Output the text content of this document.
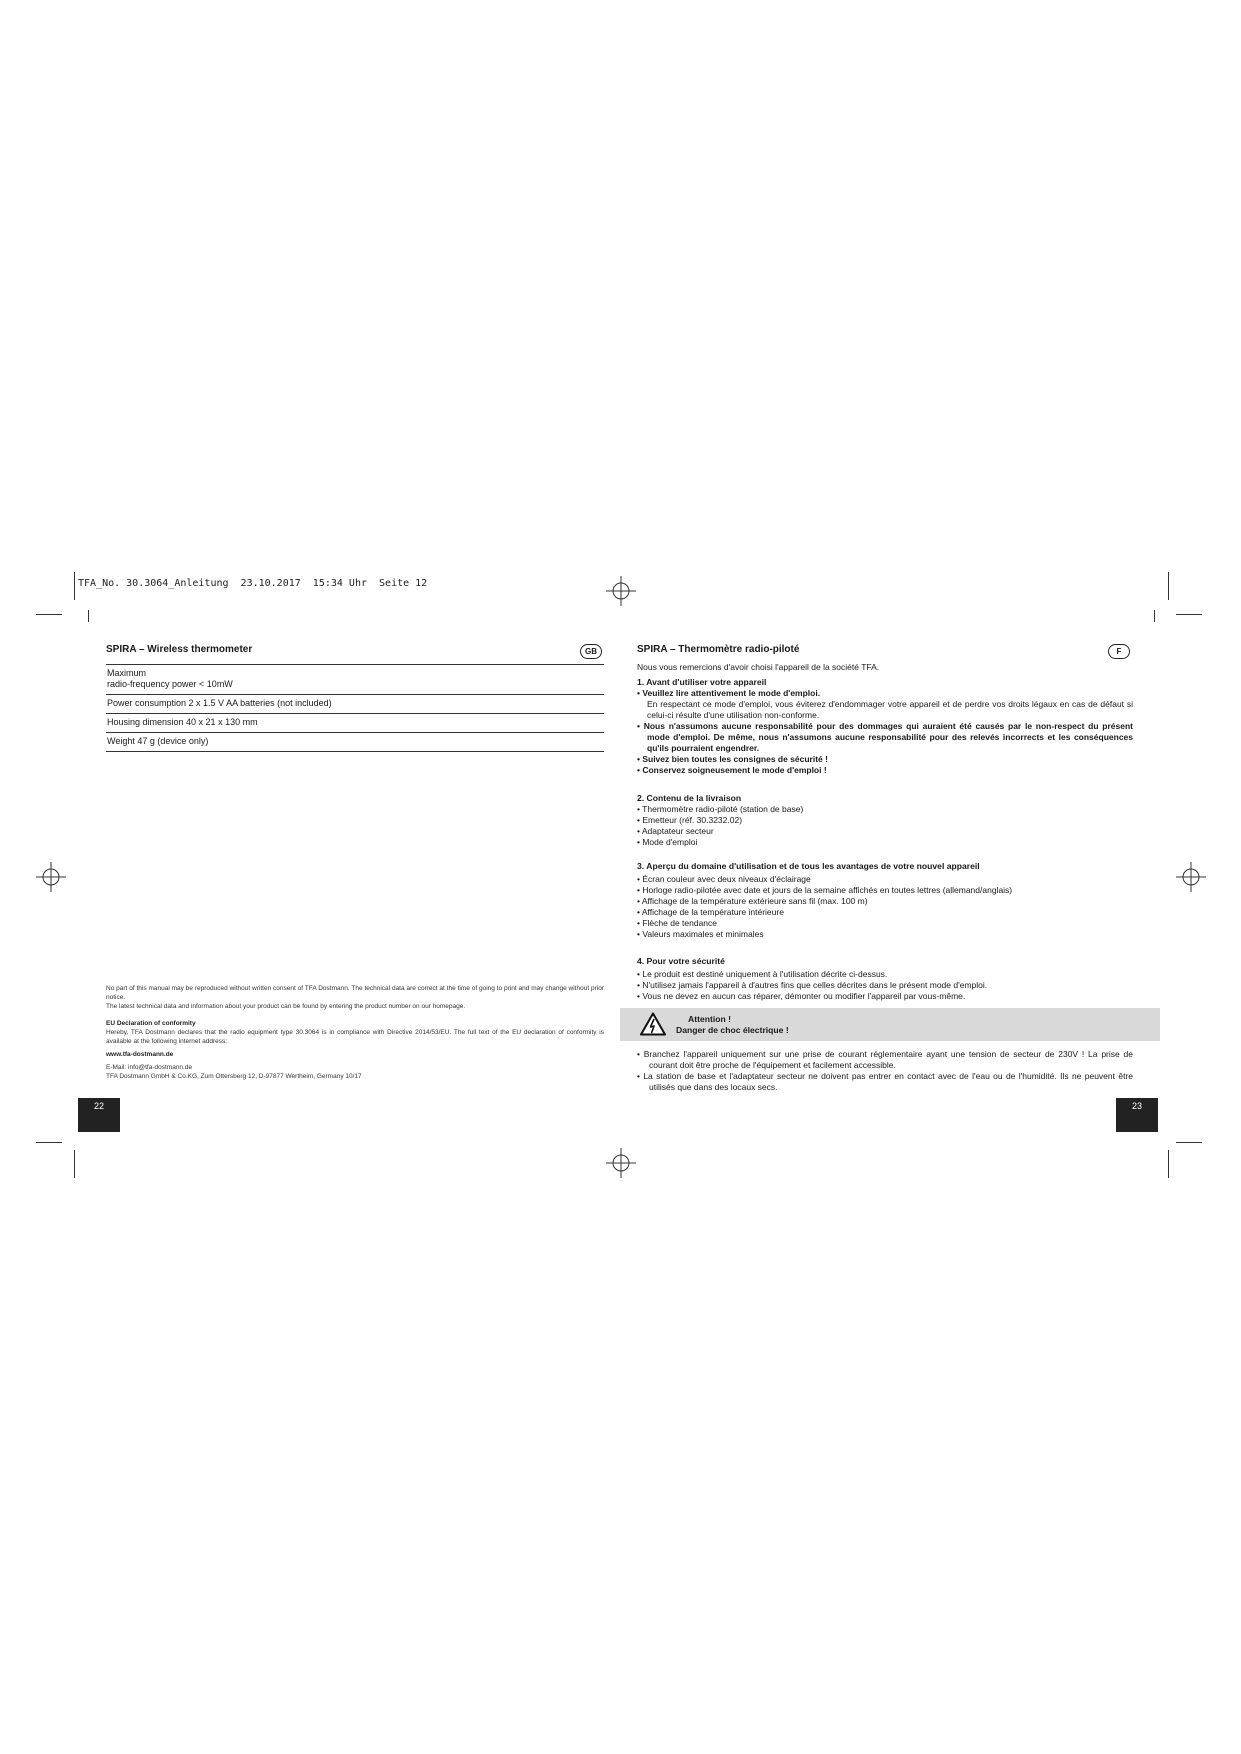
TFA_No. 30.3064_Anleitung  23.10.2017  15:34 Uhr  Seite 12
SPIRA – Wireless thermometer	GB
Maximum
radio-frequency power < 10mW
Power consumption 2 x 1.5 V AA batteries (not included)
Housing dimension 40 x 21 x 130 mm
Weight 47 g (device only)
No part of this manual may be reproduced without written consent of TFA Dostmann. The technical data are correct at the time of going to print and may change without prior notice.
The latest technical data and information about your product can be found by entering the product number on our homepage.
EU Declaration of conformity
Hereby, TFA Dostmann declares that the radio equipment type 30.3064 is in compliance with Directive 2014/53/EU. The full text of the EU declaration of conformity is available at the following internet address:
www.tfa-dostmann.de
E-Mail: info@tfa-dostmann.de
TFA Dostmann GmbH & Co.KG, Zum Ottersberg 12, D-97877 Wertheim, Germany 10/17
22
SPIRA – Thermomètre radio-piloté	F
Nous vous remercions d'avoir choisi l'appareil de la société TFA.
1. Avant d'utiliser votre appareil
• Veuillez lire attentivement le mode d'emploi.
En respectant ce mode d'emploi, vous éviterez d'endommager votre appareil et de perdre vos droits légaux en cas de défaut si celui-ci résulte d'une utilisation non-conforme.
• Nous n'assumons aucune responsabilité pour des dommages qui auraient été causés par le non-respect du présent mode d'emploi. De même, nous n'assumons aucune responsabilité pour des relevés incorrects et les conséquences qu'ils pourraient engendrer.
• Suivez bien toutes les consignes de sécurité !
• Conservez soigneusement le mode d'emploi !
2. Contenu de la livraison
• Thermomètre radio-piloté (station de base)
• Emetteur (réf. 30.3232.02)
• Adaptateur secteur
• Mode d'emploi
3. Aperçu du domaine d'utilisation et de tous les avantages de votre nouvel appareil
• Écran couleur avec deux niveaux d'éclairage
• Horloge radio-pilotée avec date et jours de la semaine affichés en toutes lettres (allemand/anglais)
• Affichage de la température extérieure sans fil (max. 100 m)
• Affichage de la température intérieure
• Flèche de tendance
• Valeurs maximales et minimales
4. Pour votre sécurité
• Le produit est destiné uniquement à l'utilisation décrite ci-dessus.
• N'utilisez jamais l'appareil à d'autres fins que celles décrites dans le présent mode d'emploi.
• Vous ne devez en aucun cas réparer, démonter ou modifier l'appareil par vous-même.
Attention !
Danger de choc électrique !
• Branchez l'appareil uniquement sur une prise de courant réglementaire ayant une tension de secteur de 230V ! La prise de courant doit être proche de l'équipement et facilement accessible.
• La station de base et l'adaptateur secteur ne doivent pas entrer en contact avec de l'eau ou de l'humidité. Ils ne peuvent être utilisés que dans des locaux secs.
23
